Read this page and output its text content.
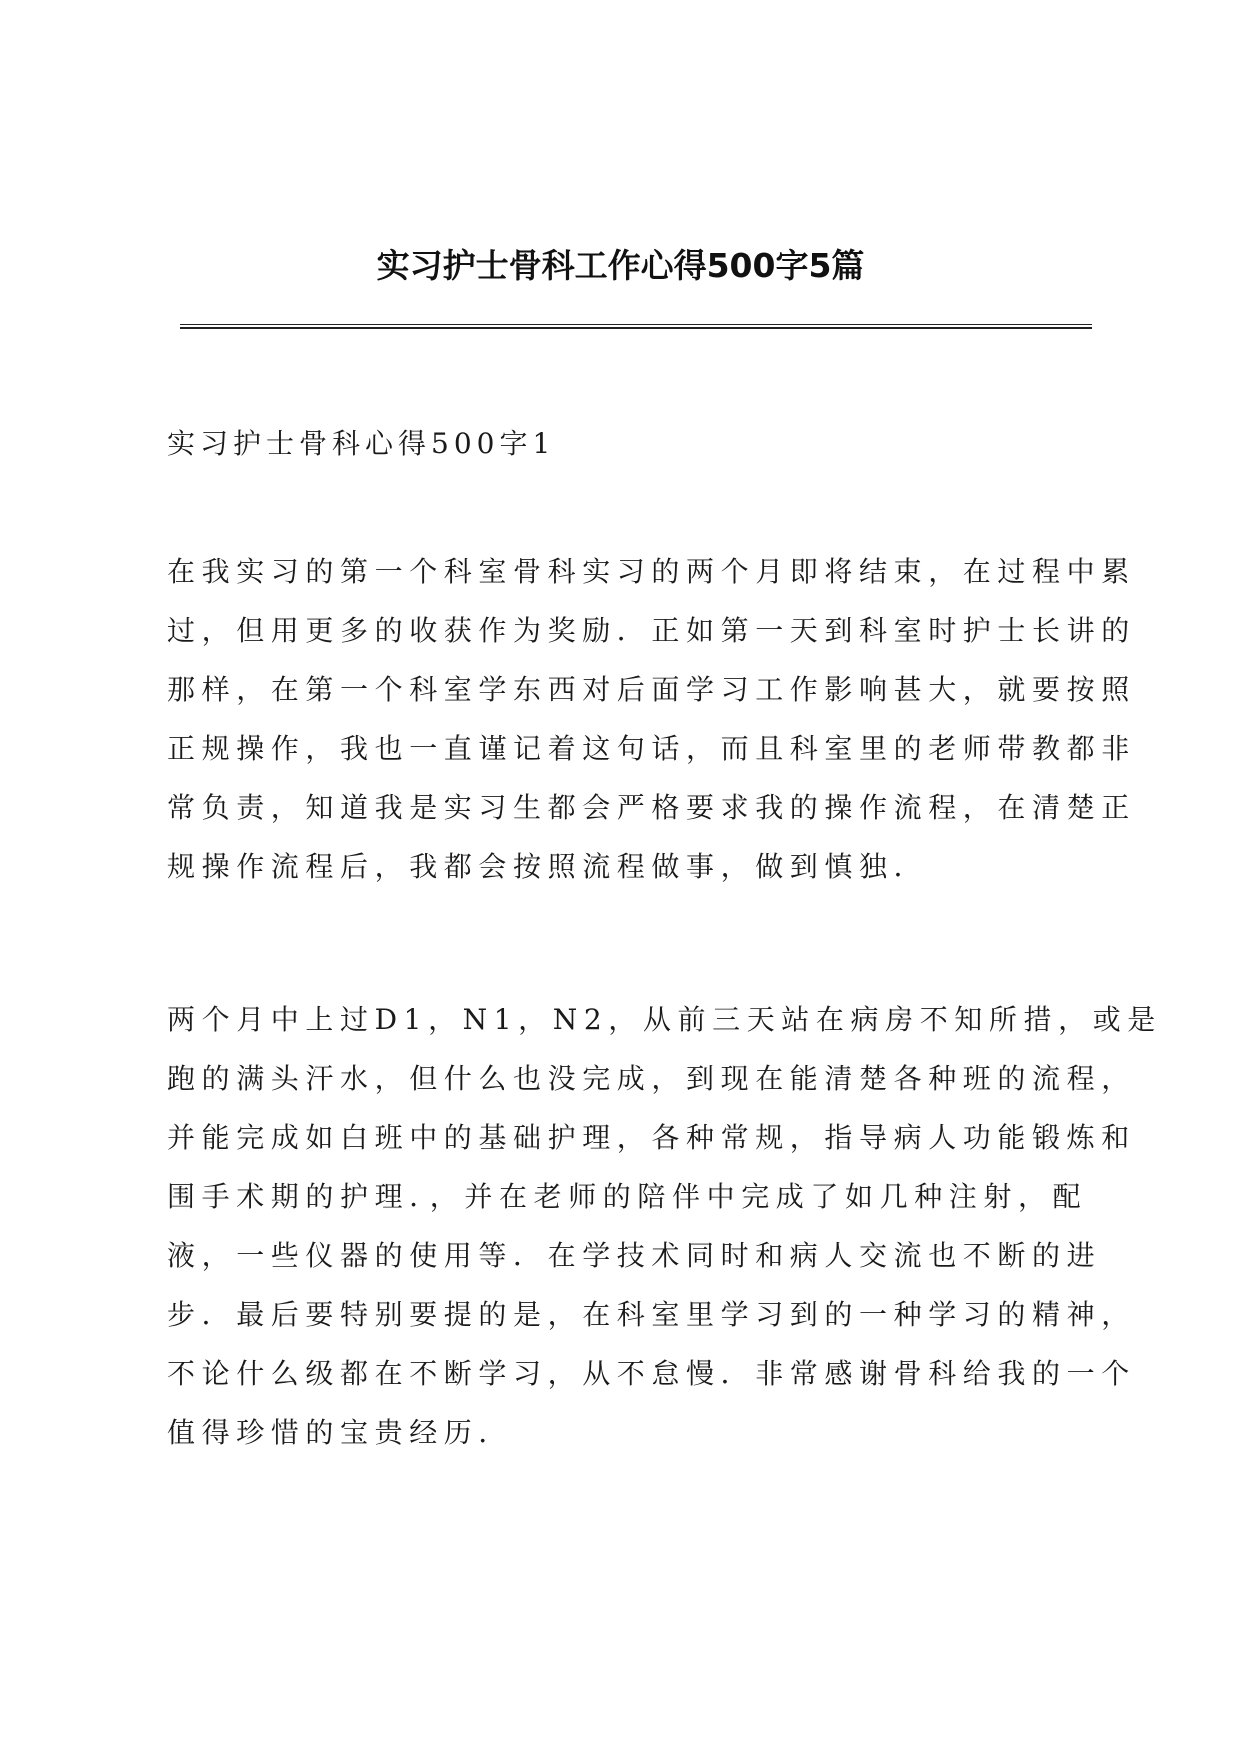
实习护士骨科工作心得500字5篇
实习护士骨科心得500字1
在我实习的第一个科室骨科实习的两个月即将结束，在过程中累
过，但用更多的收获作为奖励．正如第一天到科室时护士长讲的
那样，在第一个科室学东西对后面学习工作影响甚大，就要按照
正规操作，我也一直谨记着这句话，而且科室里的老师带教都非
常负责，知道我是实习生都会严格要求我的操作流程，在清楚正
规操作流程后，我都会按照流程做事，做到慎独．
两个月中上过D1，N1，N2，从前三天站在病房不知所措，或是
跑的满头汗水，但什么也没完成，到现在能清楚各种班的流程，
并能完成如白班中的基础护理，各种常规，指导病人功能锻炼和
围手术期的护理．，并在老师的陪伴中完成了如几种注射，配
液，一些仪器的使用等．在学技术同时和病人交流也不断的进
步．最后要特别要提的是，在科室里学习到的一种学习的精神，
不论什么级都在不断学习，从不怠慢．非常感谢骨科给我的一个
值得珍惜的宝贵经历．
